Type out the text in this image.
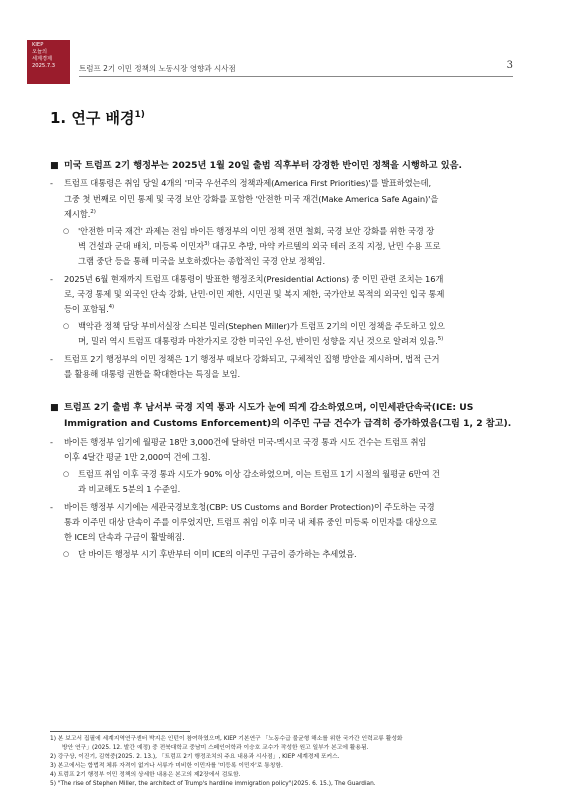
KIEP
오늘의
세계경제
2025.7.3	트럼프 2기 이민 정책의 노동시장 영향과 시사점	3
1. 연구 배경$^{1)}$

■ 미국 트럼프 2기 행정부는 2025년 1월 20일 출범 직후부터 강경한 반이민 정책을 시행하고 있음.

- 트럼프 대통령은 취임 당일 4개의 '미국 우선주의 정책과제(America First Priorities)'를 발표하였는데,
그중 첫 번째로 이민 통제 및 국경 보안 강화를 포함한 '안전한 미국 재건(Make America Safe Again)'을
제시함.$^{2)}$
○ '안전한 미국 재건' 과제는 전임 바이든 행정부의 이민 정책 전면 철회, 국경 보안 강화를 위한 국경 장
벽 건설과 군대 배치, 미등록 이민자$^{3)}$ 대규모 추방, 마약 카르텔의 외국 테러 조직 지정, 난민 수용 프로
그램 중단 등을 통해 미국을 보호하겠다는 종합적인 국경 안보 정책임.
- 2025년 6월 현재까지 트럼프 대통령이 발표한 행정조치(Presidential Actions) 중 이민 관련 조치는 16개
로, 국경 통제 및 외국인 단속 강화, 난민·이민 제한, 시민권 및 복지 제한, 국가안보 목적의 외국인 입국 통제
등이 포함됨.$^{4)}$
○ 백악관 정책 담당 부비서실장 스티븐 밀러(Stephen Miller)가 트럼프 2기의 이민 정책을 주도하고 있으
며, 밀러 역시 트럼프 대통령과 마찬가지로 강한 미국인 우선, 반이민 성향을 지닌 것으로 알려져 있음.$^{5)}$
- 트럼프 2기 행정부의 이민 정책은 1기 행정부 때보다 강화되고, 구체적인 집행 방안을 제시하며, 법적 근거
를 활용해 대통령 권한을 확대한다는 특징을 보임.

■ 트럼프 2기 출범 후 남서부 국경 지역 통과 시도가 눈에 띄게 감소하였으며, 이민세관단속국(ICE: US
Immigration and Customs Enforcement)의 이주민 구금 건수가 급격히 증가하였음(그림 1, 2 참고).

- 바이든 행정부 임기에 월평균 18만 3,000건에 달하던 미국-멕시코 국경 통과 시도 건수는 트럼프 취임
이후 4달간 평균 1만 2,000여 건에 그침.
○ 트럼프 취임 이후 국경 통과 시도가 90% 이상 감소하였으며, 이는 트럼프 1기 시절의 월평균 6만여 건
과 비교해도 5분의 1 수준임.
- 바이든 행정부 시기에는 세관국경보호청(CBP: US Customs and Border Protection)이 주도하는 국경
통과 이주민 대상 단속이 주를 이루었지만, 트럼프 취임 이후 미국 내 체류 중인 미등록 이민자를 대상으로
한 ICE의 단속과 구금이 활발해짐.
○ 단 바이든 행정부 시기 후반부터 이미 ICE의 이주민 구금이 증가하는 추세였음.

1) 본 보고서 집필에 세계지역연구센터 박지은 인턴이 참여하였으며, KIEP 기본연구 「노동수급 불균형 해소를 위한 국가간 인력교류 활성화
방안 연구」(2025. 12. 발간 예정) 중 전북대학교 중남미 스페인어학과 이승호 교수가 작성한 원고 일부가 본고에 활용됨.

2) 강구상, 이진기, 김혁중(2025. 2. 13.), 「트럼프 2기 행정조치의 주요 내용과 시사점」, KIEP 세계경제 포커스.

3) 본고에서는 합법적 체류 자격이 없거나 서류가 미비한 이민자를 '미등록 이민자'로 통칭함.

4) 트럼프 2기 행정부 이민 정책의 상세한 내용은 본고의 제2장에서 검토함.

5) "The rise of Stephen Miller, the architect of Trump's hardline immigration policy"(2025. 6. 15.), The Guardian.
